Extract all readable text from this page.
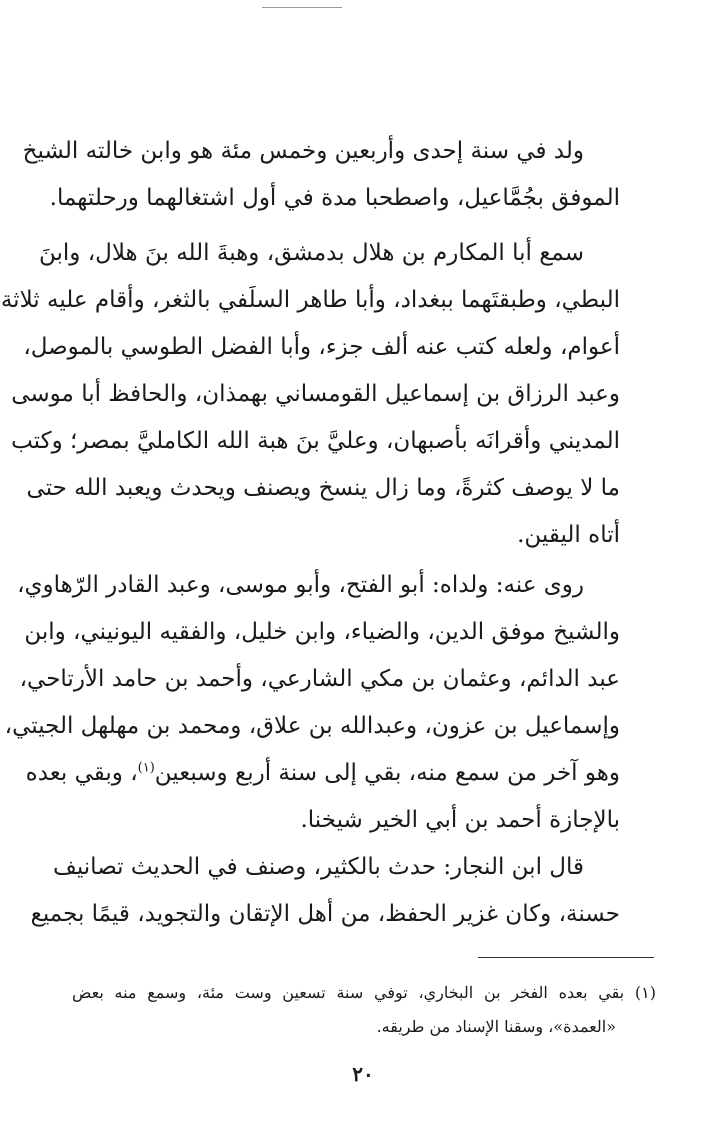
ولد في سنة إحدى وأربعين وخمس مئة هو وابن خالته الشيخ
الموفق بجُمَّاعيل، واصطحبا مدة في أول اشتغالهما ورحلتهما.

سمع أبا المكارم بن هلال بدمشق، وهبةَ الله بنَ هلال، وابنَ
البطي، وطبقتَهما ببغداد، وأبا طاهر السلَفي بالثغر، وأقام عليه ثلاثة
أعوام، ولعله كتب عنه ألف جزء، وأبا الفضل الطوسي بالموصل،
وعبد الرزاق بن إسماعيل القومساني بهمذان، والحافظ أبا موسى
المديني وأقرانَه بأصبهان، وعليَّ بنَ هبة الله الكامليَّ بمصر؛ وكتب
ما لا يوصف كثرةً، وما زال ينسخ ويصنف ويحدث ويعبد الله حتى
أتاه اليقين.

روى عنه: ولداه: أبو الفتح، وأبو موسى، وعبد القادر الرّهاوي،
والشيخ موفق الدين، والضياء، وابن خليل، والفقيه اليونيني، وابن
عبد الدائم، وعثمان بن مكي الشارعي، وأحمد بن حامد الأرتاحي،
وإسماعيل بن عزون، وعبدالله بن علاق، ومحمد بن مهلهل الجيتي،
وهو آخر من سمع منه، بقي إلى سنة أربع وسبعين$^{(١)}$، وبقي بعده
بالإجازة أحمد بن أبي الخير شيخنا.

قال ابن النجار: حدث بالكثير، وصنف في الحديث تصانيف
حسنة، وكان غزير الحفظ، من أهل الإتقان والتجويد، قيمًا بجميع

(١) بقي بعده الفخر بن البخاري، توفي سنة تسعين وست مئة، وسمع منه بعض
«العمدة»، وسقنا الإسناد من طريقه.
٢٠
